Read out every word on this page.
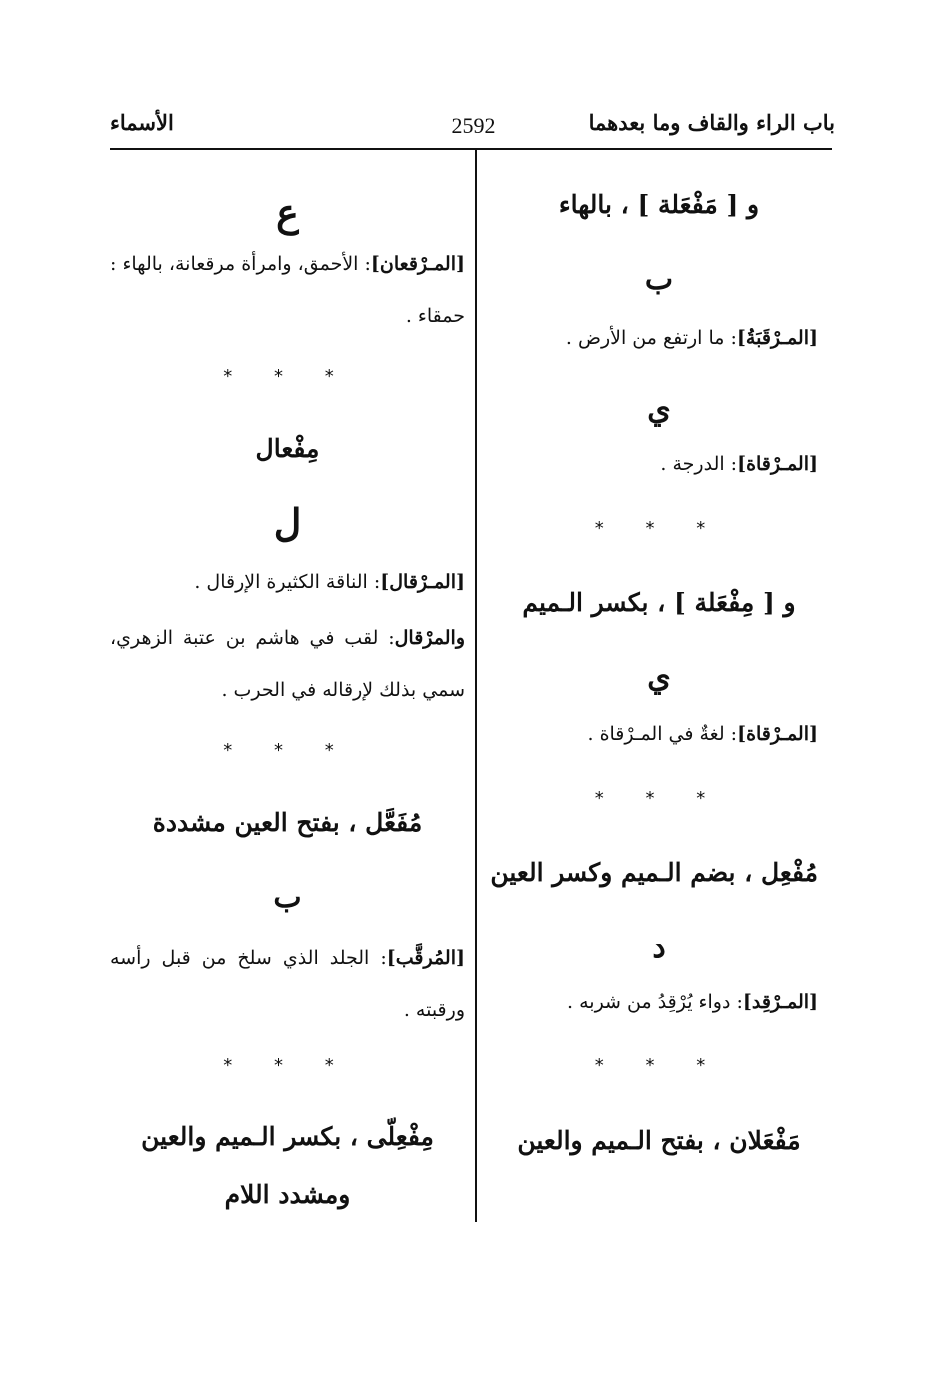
باب الراء والقاف وما بعدهما
2592
الأسماء
و [ مَفْعَلة ] ، بالهاء
ب
[المـرْقَبَةُ]: ما ارتفع من الأرض .
ي
[المـرْقاة]: الدرجة .
* * *
و [ مِفْعَلة ] ، بكسر الـميم
ي
[المـرْقاة]: لغةٌ في المـرْقاة .
* * *
مُفْعِل ، بضم الـميم وكسر العين
د
[المـرْقِد]: دواء يُرْقِدُ من شربه .
* * *
مَفْعَلان ، بفتح الـميم والعين
ع
[المـرْقعان]: الأحمق، وامرأة مرقعانة، بالهاء : حمقاء .
* * *
مِفْعال
ل
[المـرْقال]: الناقة الكثيرة الإرقال .
والمرْقال: لقب في هاشم بن عتبة الزهري، سمي بذلك لإرقاله في الحرب .
* * *
مُفَعَّل ، بفتح العين مشددة
ب
[المُرقَّب]: الجلد الذي سلخ من قبل رأسه ورقبته .
* * *
مِفْعِلّى ، بكسر الـميم والعين
ومشدد اللام
